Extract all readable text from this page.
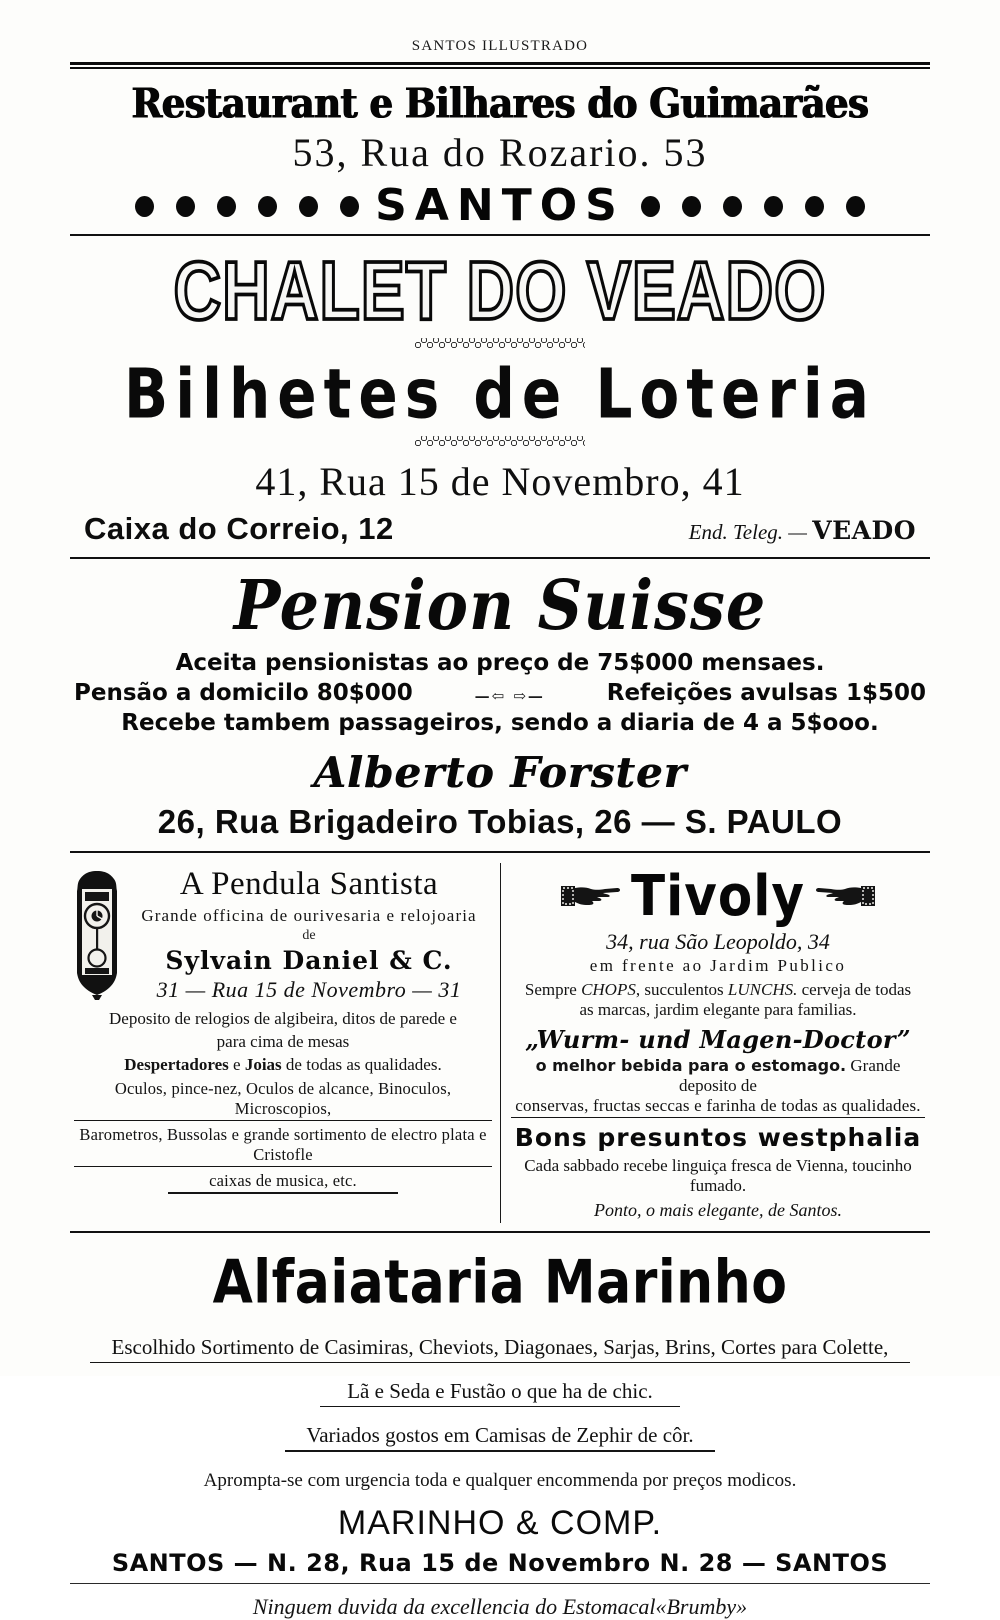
SANTOS ILLUSTRADO
Restaurant e Bilhares do Guimarães
53, Rua do Rozario. 53
SANTOS
CHALET DO VEADO
Bilhetes de Loteria
41, Rua 15 de Novembro, 41
Caixa do Correio, 12	End. Teleg. — VEADO
Pension Suisse
Aceita pensionistas ao preço de 75$000 mensaes.
Pensão a domicilo 80$000	—⇦ ⇨—	Refeições avulsas 1$500
Recebe tambem passageiros, sendo a diaria de 4 a 5$ooo.
Alberto Forster
26, Rua Brigadeiro Tobias, 26 — S. PAULO
A Pendula Santista
Grande officina de ourivesaria e relojoaria
de
Sylvain Daniel & C.
31 — Rua 15 de Novembro — 31
Deposito de relogios de algibeira, ditos de parede e
para cima de mesas
Despertadores e Joias de todas as qualidades.
Oculos, pince-nez, Oculos de alcance, Binoculos, Microscopios,
Barometros, Bussolas e grande sortimento de electro plata e Cristofle
caixas de musica, etc.
Tivoly
34, rua São Leopoldo, 34
em frente ao Jardim Publico
Sempre CHOPS, succulentos LUNCHS. cerveja de todas
as marcas, jardim elegante para familias.
„Wurm- und Magen-Doctor”
o melhor bebida para o estomago. Grande deposito de
conservas, fructas seccas e farinha de todas as qualidades.
Bons presuntos westphalia
Cada sabbado recebe linguiça fresca de Vienna, toucinho fumado.
Ponto, o mais elegante, de Santos.
Alfaiataria Marinho
Escolhido Sortimento de Casimiras, Cheviots, Diagonaes, Sarjas, Brins, Cortes para Colette,
Lã e Seda e Fustão o que ha de chic.
Variados gostos em Camisas de Zephir de côr.
Aprompta-se com urgencia toda e qualquer encommenda por preços modicos.
MARINHO & COMP.
SANTOS — N. 28, Rua 15 de Novembro N. 28 — SANTOS
Ninguem duvida da excellencia do Estomacal«Brumby»
